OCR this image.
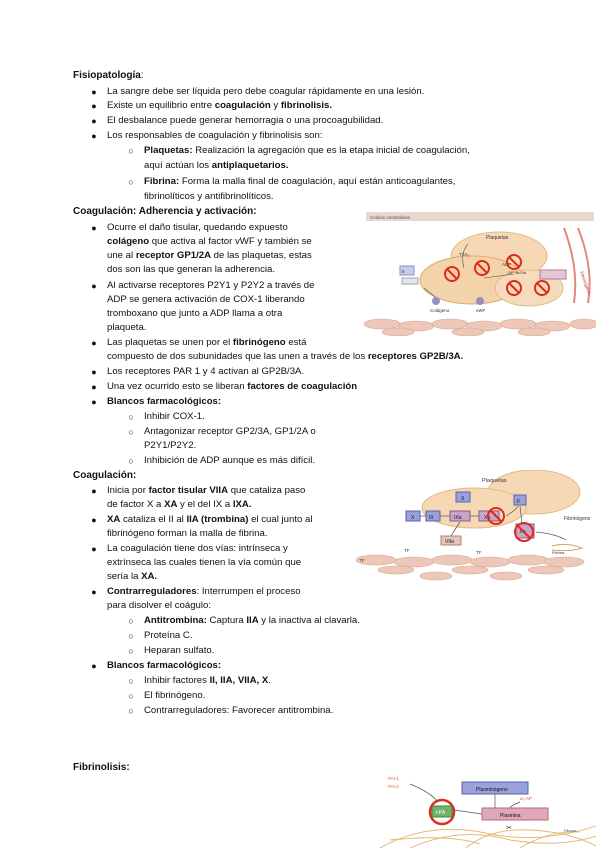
Fisiopatología:
● La sangre debe ser líquida pero debe coagular rápidamente en una lesión.
● Existe un equilibrio entre coagulación y fibrinolisis.
● El desbalance puede generar hemorragia o una procoagubilidad.
● Los responsables de coagulación y fibrinolisis son:
○ Plaquetas: Realización la agregación que es la etapa inicial de coagulación,
aquí actúan los antiplaquetarios.
○ Fibrina: Forma la malla final de coagulación, aquí están anticoagulantes,
fibrinolíticos y antifibrinolíticos.
Coagulación: Adherencia y activación:
● Ocurre el daño tisular, quedando expuesto
colágeno que activa al factor vWF y también se
une al receptor GP1/2A de las plaquetas, estas
dos son las que generan la adherencia.
● Al activarse receptores P2Y1 y P2Y2 a través de
ADP se genera activación de COX-1 liberando
tromboxano que junto a ADP llama a otra
plaqueta.
● Las plaquetas se unen por el fibrinógeno está
compuesto de dos subunidades que las unen a través de los receptores GP2B/3A.
● Los receptores PAR 1 y 4 activan al GP2B/3A.
● Una vez ocurrido esto se liberan factores de coagulación
● Blancos farmacológicos:
○ Inhibir COX-1.
○ Antagonizar receptor GP2/3A, GP1/2A o
P2Y1/P2Y2.
○ Inhibición de ADP aunque es más difícil.
Coagulación:
● Inicia por factor tisular VIIA que cataliza paso
de factor X a XA y el del IX a IXA.
● XA cataliza el II al IIA (trombina) el cual junto al
fibrinógeno forman la malla de fibrina.
● La coagulación tiene dos vías: intrínseca y
extrínseca las cuales tienen la vía común que
sería la XA.
● Contrarreguladores: Interrumpen el proceso
para disolver el coágulo:
○ Antitrombina: Captura IIA y la inactiva al clavarla.
○ Proteína C.
○ Heparan sulfato.
● Blancos farmacológicos:
○ Inhibir factores II, IIA, VIIA, X.
○ El fibrinógeno.
○ Contrarreguladores: Favorecer antitrombina.
Fibrinolisis:
Células endoteliales
Plaquetas
II	GP IIb/IIIa
TXA₂
ADP
Colágeno	vWF
Fibrinógeno
Plaquetas
X	IX	IXa	Xa
X	II
VIIa
IIa
Fibrinógeno
Fibrina
TF
TF	TF
PAI-1
PAI-2
α₂-AP
Plasminógeno
t-PA	Plasmina
Fibrina
✂
